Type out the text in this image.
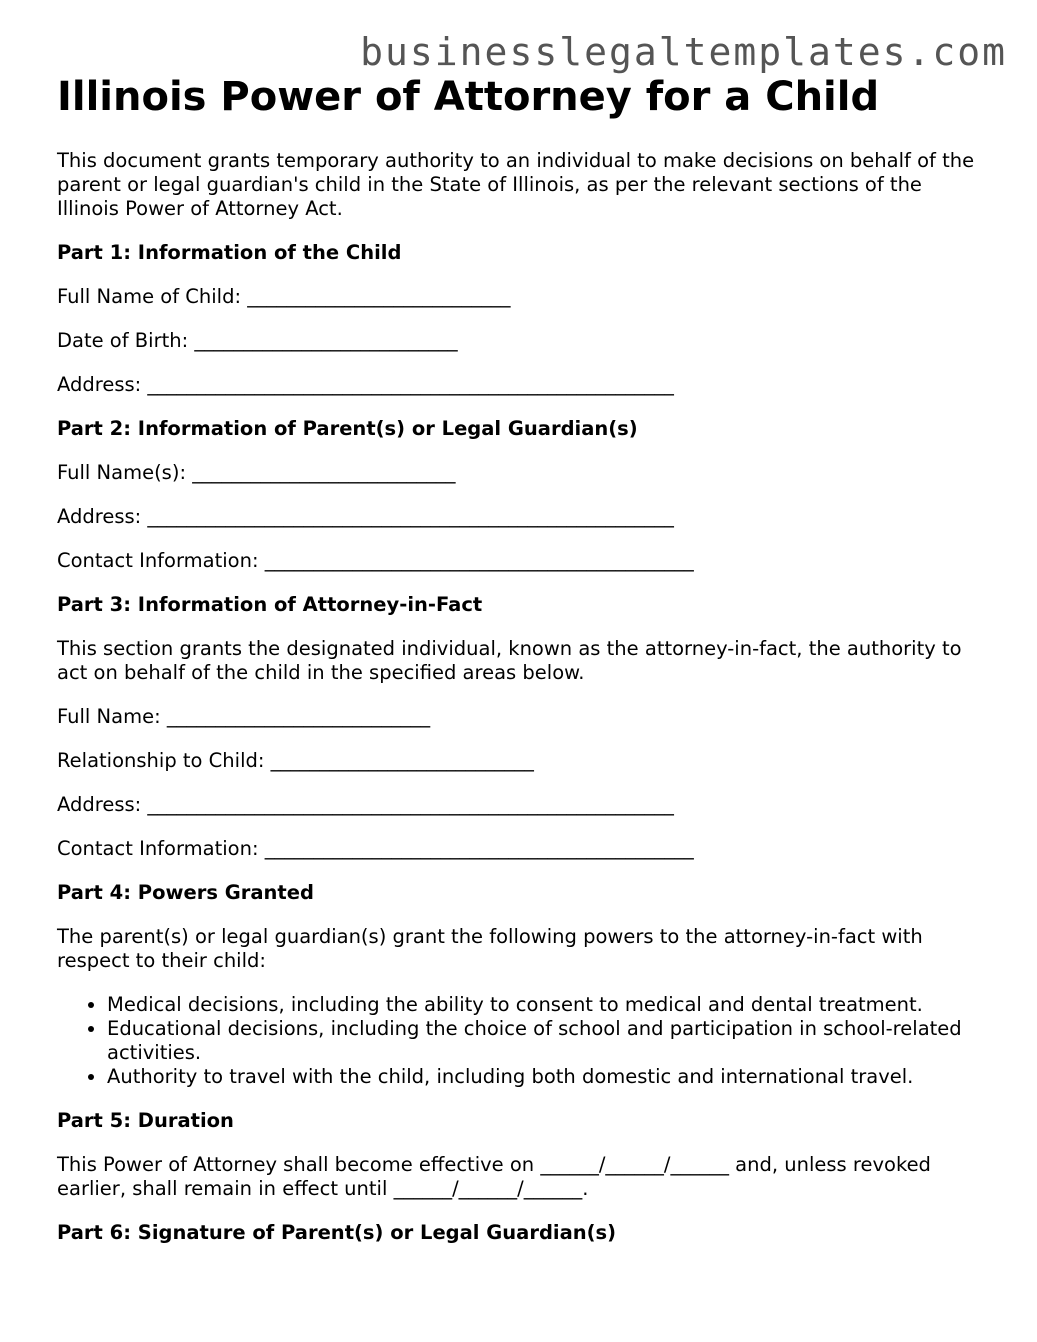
businesslegaltemplates.com
Illinois Power of Attorney for a Child

This document grants temporary authority to an individual to make decisions on behalf of the parent or legal guardian's child in the State of Illinois, as per the relevant sections of the Illinois Power of Attorney Act.

Part 1: Information of the Child

Full Name of Child: ___________________________

Date of Birth: ___________________________

Address: ______________________________________________________

Part 2: Information of Parent(s) or Legal Guardian(s)

Full Name(s): ___________________________

Address: ______________________________________________________

Contact Information: ____________________________________________

Part 3: Information of Attorney-in-Fact

This section grants the designated individual, known as the attorney-in-fact, the authority to act on behalf of the child in the specified areas below.

Full Name: ___________________________

Relationship to Child: ___________________________

Address: ______________________________________________________

Contact Information: ____________________________________________

Part 4: Powers Granted

The parent(s) or legal guardian(s) grant the following powers to the attorney-in-fact with respect to their child:

• Medical decisions, including the ability to consent to medical and dental treatment.
• Educational decisions, including the choice of school and participation in school-related activities.
• Authority to travel with the child, including both domestic and international travel.
Part 5: Duration

This Power of Attorney shall become effective on ______/______/______ and, unless revoked earlier, shall remain in effect until ______/______/______.

Part 6: Signature of Parent(s) or Legal Guardian(s)
